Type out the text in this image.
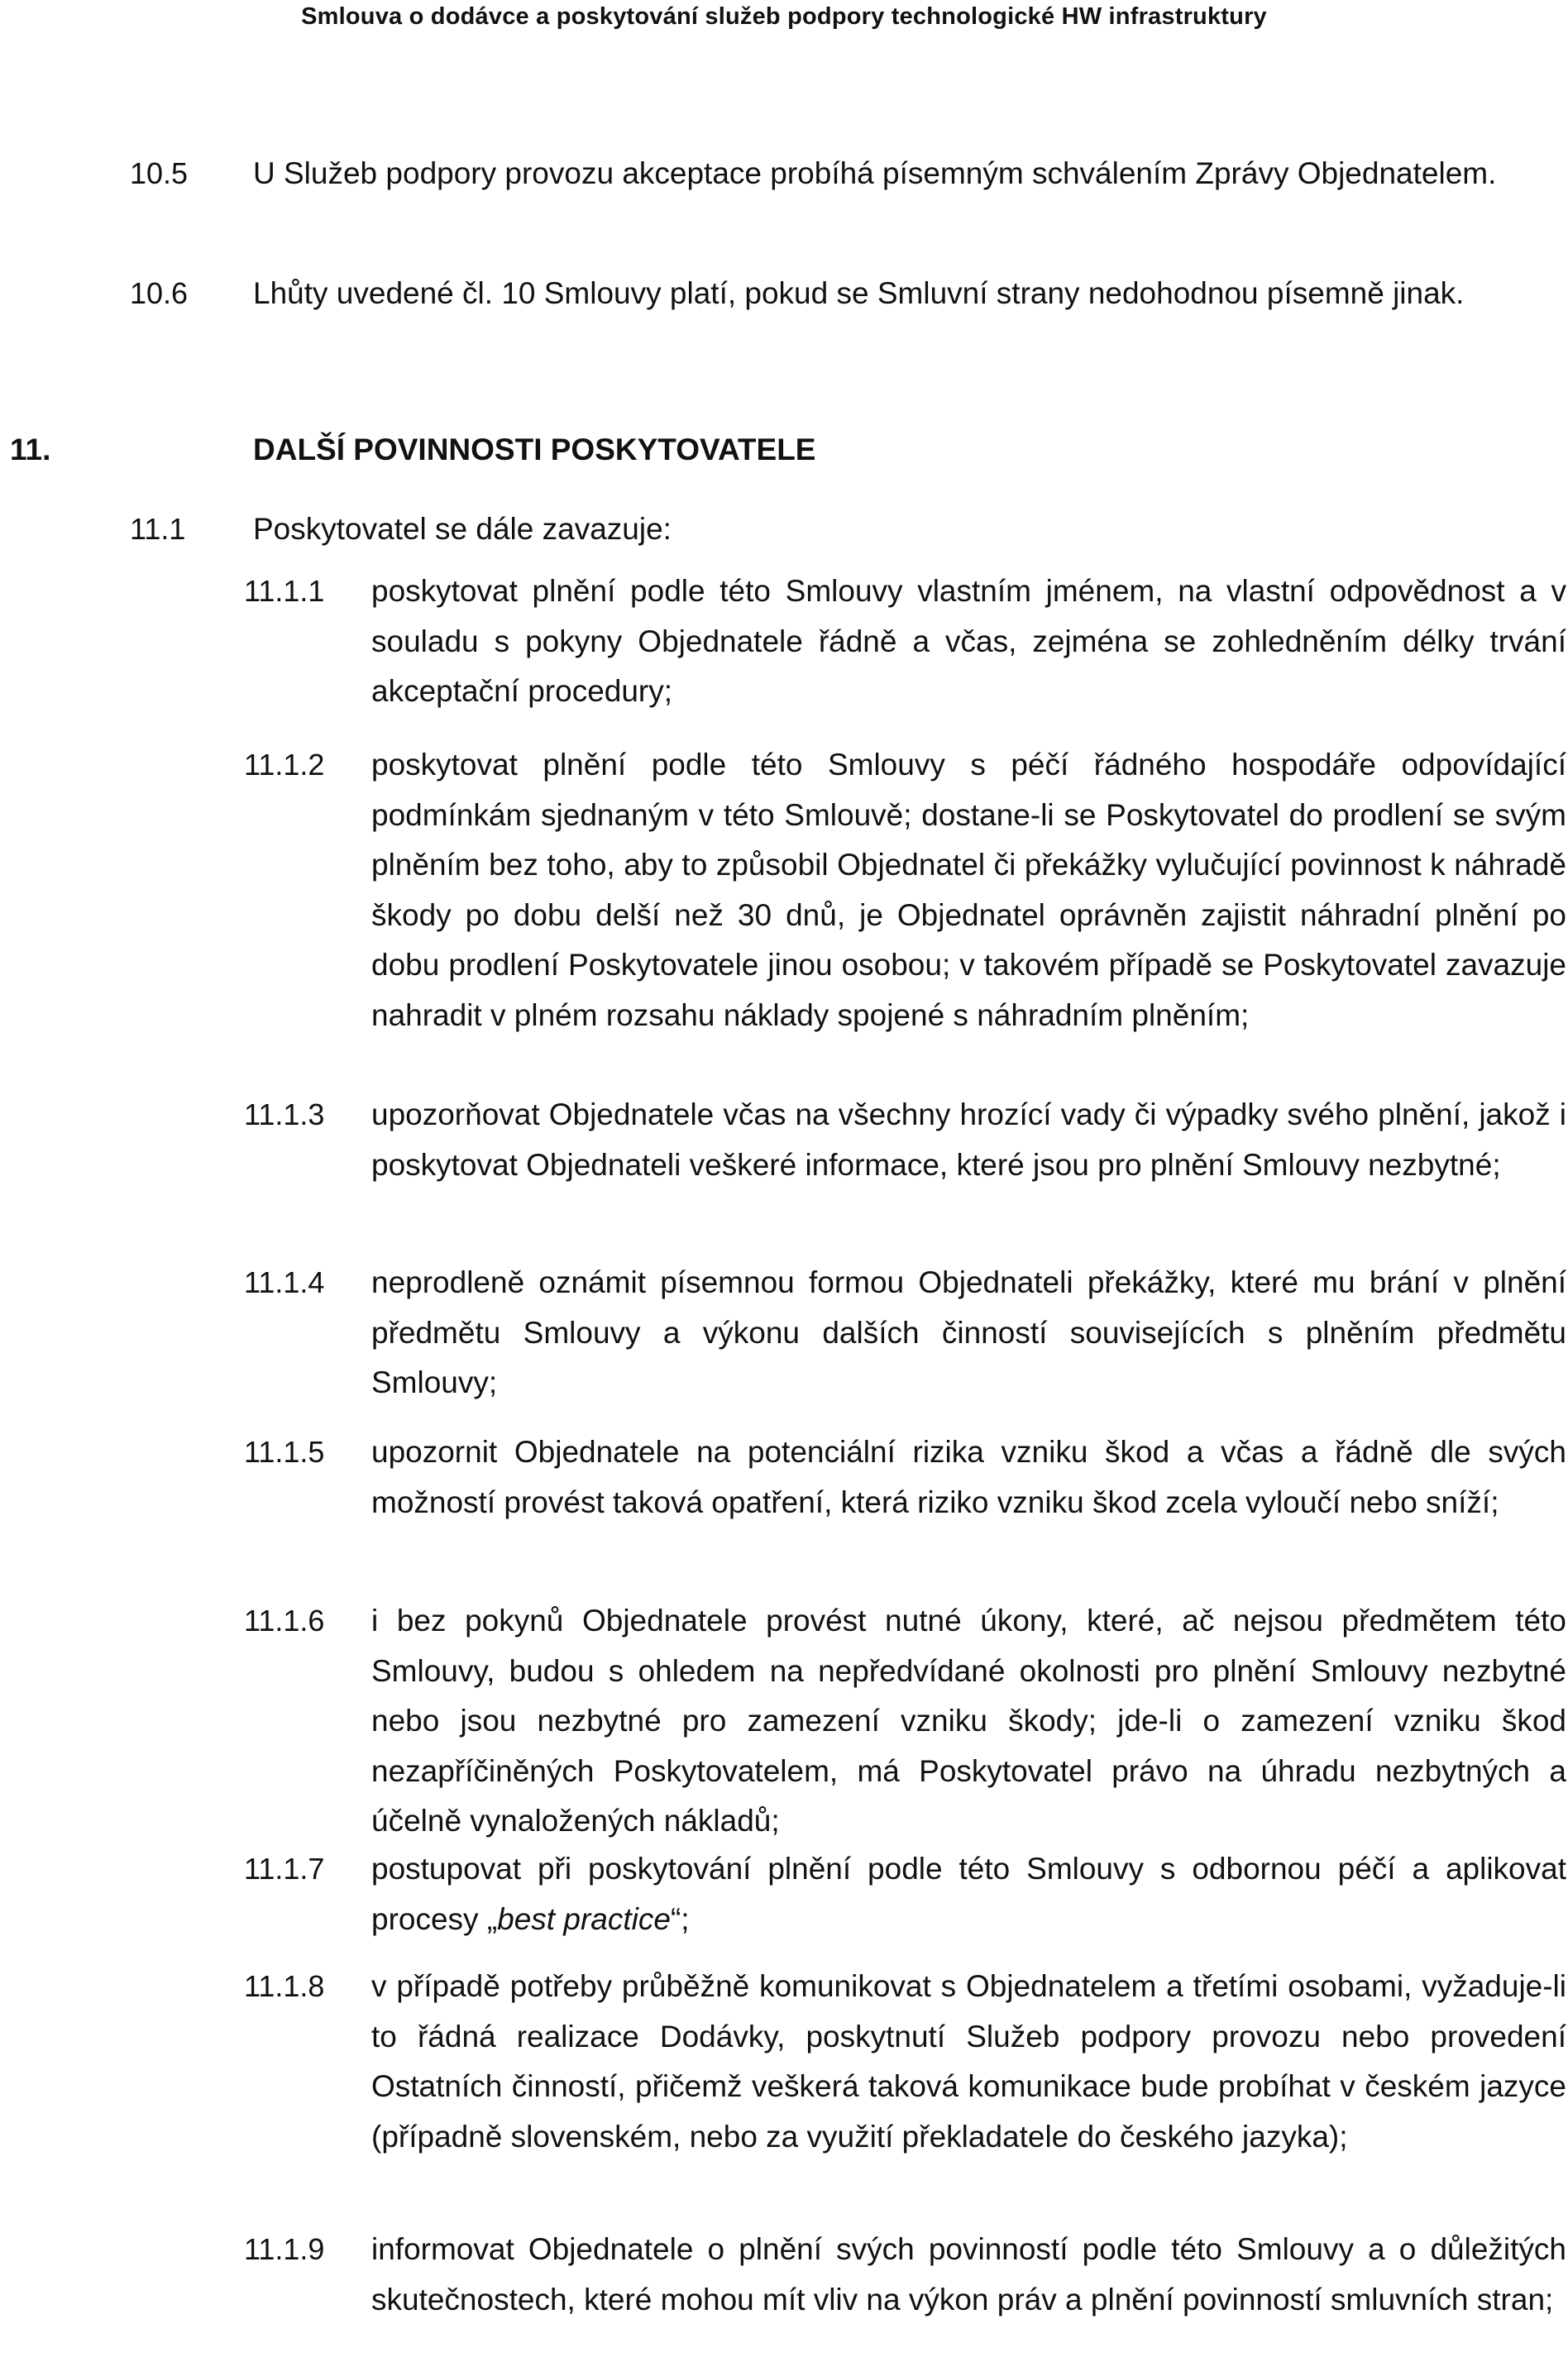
Smlouva o dodávce a poskytování služeb podpory technologické HW infrastruktury
10.5 U Služeb podpory provozu akceptace probíhá písemným schválením Zprávy Objednatelem.
10.6 Lhůty uvedené čl. 10 Smlouvy platí, pokud se Smluvní strany nedohodnou písemně jinak.
11.	DALŠÍ POVINNOSTI POSKYTOVATELE
11.1 Poskytovatel se dále zavazuje:
11.1.1 poskytovat plnění podle této Smlouvy vlastním jménem, na vlastní odpovědnost a v souladu s pokyny Objednatele řádně a včas, zejména se zohledněním délky trvání akceptační procedury;
11.1.2 poskytovat plnění podle této Smlouvy s péčí řádného hospodáře odpovídající podmínkám sjednaným v této Smlouvě; dostane-li se Poskytovatel do prodlení se svým plněním bez toho, aby to způsobil Objednatel či překážky vylučující povinnost k náhradě škody po dobu delší než 30 dnů, je Objednatel oprávněn zajistit náhradní plnění po dobu prodlení Poskytovatele jinou osobou; v takovém případě se Poskytovatel zavazuje nahradit v plném rozsahu náklady spojené s náhradním plněním;
11.1.3 upozorňovat Objednatele včas na všechny hrozící vady či výpadky svého plnění, jakož i poskytovat Objednateli veškeré informace, které jsou pro plnění Smlouvy nezbytné;
11.1.4 neprodleně oznámit písemnou formou Objednateli překážky, které mu brání v plnění předmětu Smlouvy a výkonu dalších činností souvisejících s plněním předmětu Smlouvy;
11.1.5 upozornit Objednatele na potenciální rizika vzniku škod a včas a řádně dle svých možností provést taková opatření, která riziko vzniku škod zcela vyloučí nebo sníží;
11.1.6 i bez pokynů Objednatele provést nutné úkony, které, ač nejsou předmětem této Smlouvy, budou s ohledem na nepředvídané okolnosti pro plnění Smlouvy nezbytné nebo jsou nezbytné pro zamezení vzniku škody; jde-li o zamezení vzniku škod nezapříčiněných Poskytovatelem, má Poskytovatel právo na úhradu nezbytných a účelně vynaložených nákladů;
11.1.7 postupovat při poskytování plnění podle této Smlouvy s odbornou péčí a aplikovat procesy „best practice“;
11.1.8 v případě potřeby průběžně komunikovat s Objednatelem a třetími osobami, vyžaduje-li to řádná realizace Dodávky, poskytnutí Služeb podpory provozu nebo provedení Ostatních činností, přičemž veškerá taková komunikace bude probíhat v českém jazyce (případně slovenském, nebo za využití překladatele do českého jazyka);
11.1.9 informovat Objednatele o plnění svých povinností podle této Smlouvy a o důležitých skutečnostech, které mohou mít vliv na výkon práv a plnění povinností smluvních stran;
